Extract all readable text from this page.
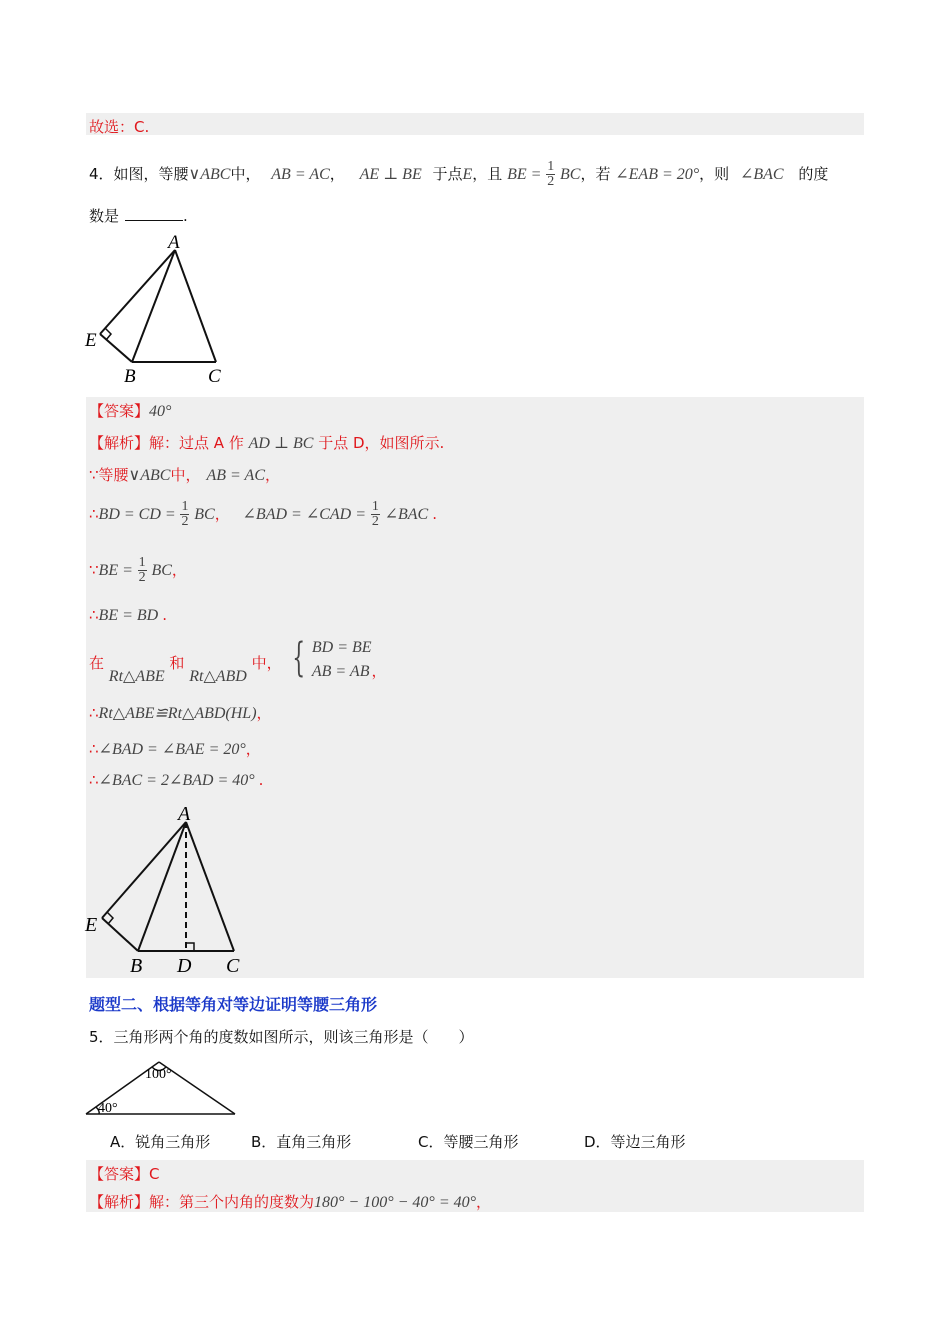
故选：C.
4．如图，等腰∨ABC中， AB = AC， AE ⊥ BE 于点E，且 BE = $\frac{1}{2}$ BC，若 ∠EAB = 20°，则 ∠BAC 的度
数是	.
A
E
B	C
【答案】40°
【解析】解：过点 A 作 AD ⊥ BC 于点 D，如图所示.
∵等腰∨ABC中， AB = AC，
∴BD = CD = $\frac{1}{2}$ BC， ∠BAD = ∠CAD = $\frac{1}{2}$ ∠BAC .
∵BE = $\frac{1}{2}$ BC，
∴BE = BD .
在 Rt△ABE 和 Rt△ABD 中， { BD = BE
AB = AB ，
∴Rt△ABE≌Rt△ABD(HL)，
∴∠BAD = ∠BAE = 20°，
∴∠BAC = 2∠BAD = 40° .
A
E
B D C
题型二、根据等角对等边证明等腰三角形
5．三角形两个角的度数如图所示，则该三角形是（　　）
100°
40°
A．锐角三角形	B．直角三角形	C．等腰三角形	D．等边三角形
【答案】C
【解析】解：第三个内角的度数为180° − 100° − 40° = 40°，
